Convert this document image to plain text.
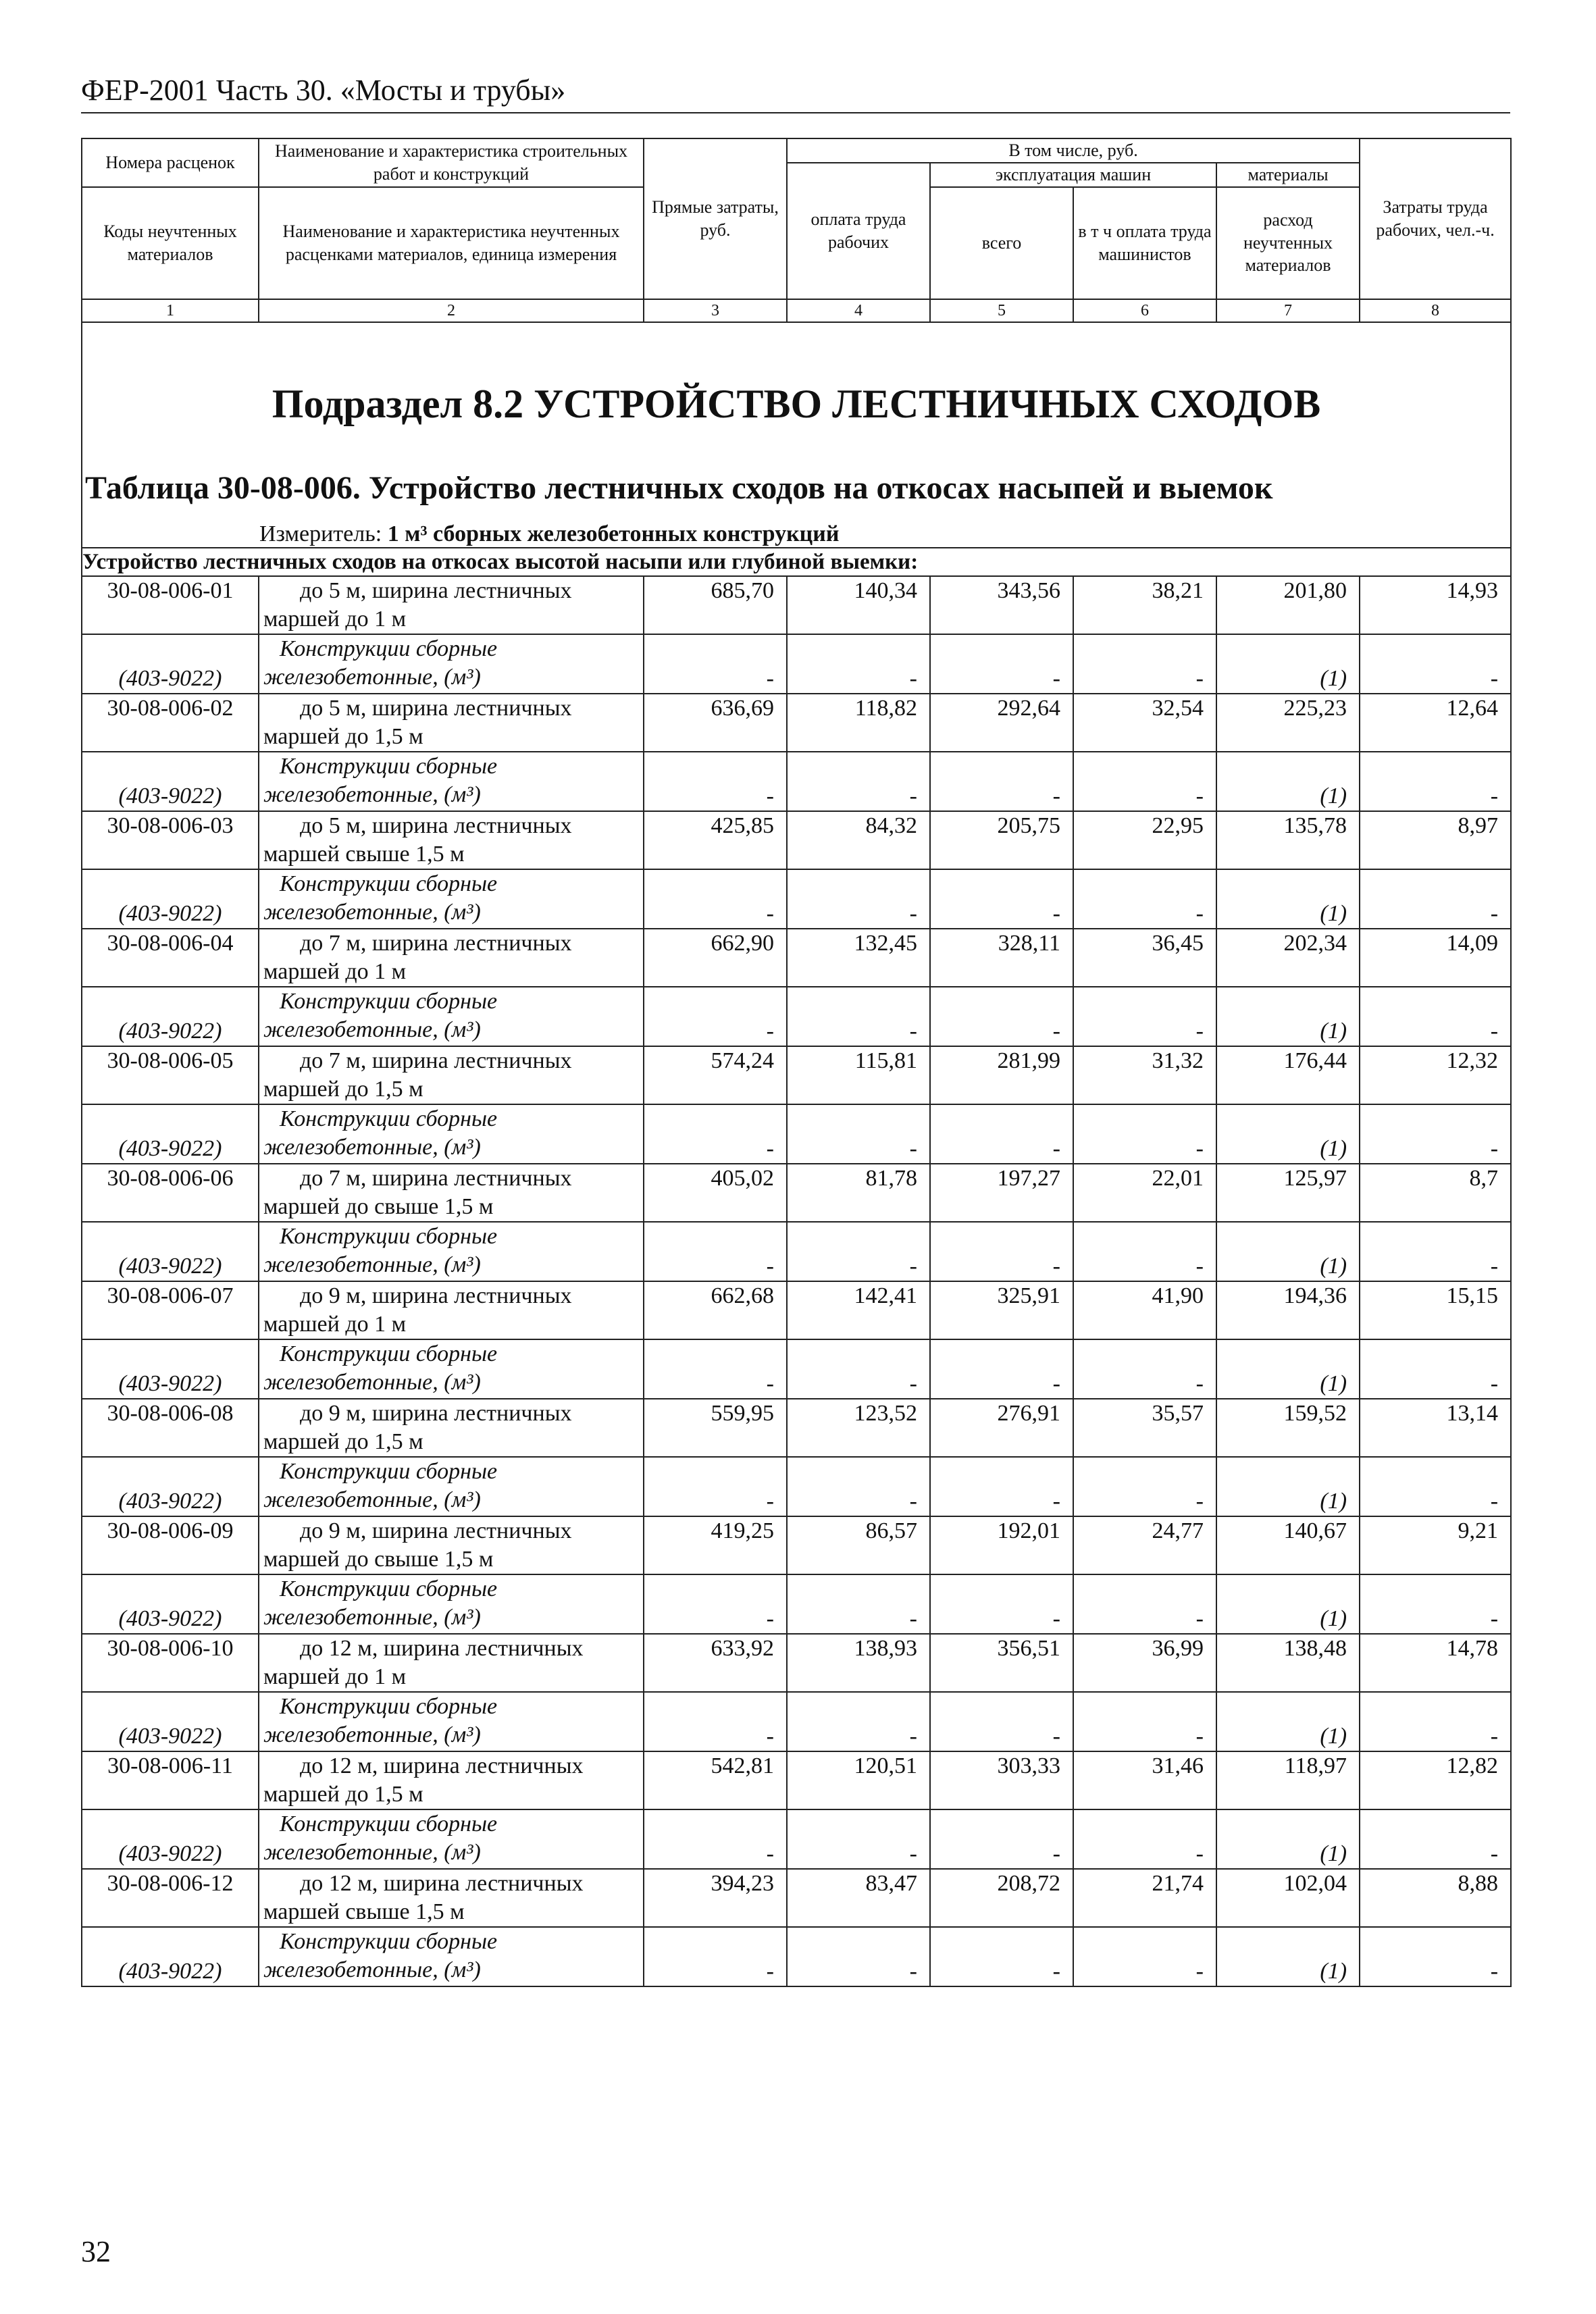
ФЕР-2001 Часть 30. «Мосты и трубы»
Номера расценок	Наименование и характеристика строительных работ и конструкций	Прямые затраты, руб.	В том числе, руб.				Затраты труда рабочих, чел.-ч.
			оплата труда рабочих	эксплуатация машин		материалы	
Коды неучтенных материалов	Наименование и характеристика неучтенных расценками материалов, единица измерения			всего	в т ч оплата труда машинистов	расход неучтенных материалов	

1	2	3	4	5	6	7	8

Подраздел 8.2 УСТРОЙСТВО ЛЕСТНИЧНЫХ СХОДОВ
Таблица 30-08-006. Устройство лестничных сходов на откосах насыпей и выемок
Измеритель: 1 м³ сборных железобетонных конструкций							

Устройство лестничных сходов на откосах высотой насыпи или глубиной выемки:							
30-08-006-01	до 5 м, ширина лестничных
маршей до 1 м	685,70	140,34	343,56	38,21	201,80	14,93
(403-9022)	Конструкции сборные
железобетонные, (м³)	-	-	-	-	(1)	-
30-08-006-02	до 5 м, ширина лестничных
маршей до 1,5 м	636,69	118,82	292,64	32,54	225,23	12,64
(403-9022)	Конструкции сборные
железобетонные, (м³)	-	-	-	-	(1)	-
30-08-006-03	до 5 м, ширина лестничных
маршей свыше 1,5 м	425,85	84,32	205,75	22,95	135,78	8,97
(403-9022)	Конструкции сборные
железобетонные, (м³)	-	-	-	-	(1)	-
30-08-006-04	до 7 м, ширина лестничных
маршей до 1 м	662,90	132,45	328,11	36,45	202,34	14,09
(403-9022)	Конструкции сборные
железобетонные, (м³)	-	-	-	-	(1)	-
30-08-006-05	до 7 м, ширина лестничных
маршей до 1,5 м	574,24	115,81	281,99	31,32	176,44	12,32
(403-9022)	Конструкции сборные
железобетонные, (м³)	-	-	-	-	(1)	-
30-08-006-06	до 7 м, ширина лестничных
маршей до свыше 1,5 м	405,02	81,78	197,27	22,01	125,97	8,7
(403-9022)	Конструкции сборные
железобетонные, (м³)	-	-	-	-	(1)	-
30-08-006-07	до 9 м, ширина лестничных
маршей до 1 м	662,68	142,41	325,91	41,90	194,36	15,15
(403-9022)	Конструкции сборные
железобетонные, (м³)	-	-	-	-	(1)	-
30-08-006-08	до 9 м, ширина лестничных
маршей до 1,5 м	559,95	123,52	276,91	35,57	159,52	13,14
(403-9022)	Конструкции сборные
железобетонные, (м³)	-	-	-	-	(1)	-
30-08-006-09	до 9 м, ширина лестничных
маршей до свыше 1,5 м	419,25	86,57	192,01	24,77	140,67	9,21
(403-9022)	Конструкции сборные
железобетонные, (м³)	-	-	-	-	(1)	-
30-08-006-10	до 12 м, ширина лестничных
маршей до 1 м	633,92	138,93	356,51	36,99	138,48	14,78
(403-9022)	Конструкции сборные
железобетонные, (м³)	-	-	-	-	(1)	-
30-08-006-11	до 12 м, ширина лестничных
маршей до 1,5 м	542,81	120,51	303,33	31,46	118,97	12,82
(403-9022)	Конструкции сборные
железобетонные, (м³)	-	-	-	-	(1)	-
30-08-006-12	до 12 м, ширина лестничных
маршей свыше 1,5 м	394,23	83,47	208,72	21,74	102,04	8,88
(403-9022)	Конструкции сборные
железобетонные, (м³)	-	-	-	-	(1)	-
32
